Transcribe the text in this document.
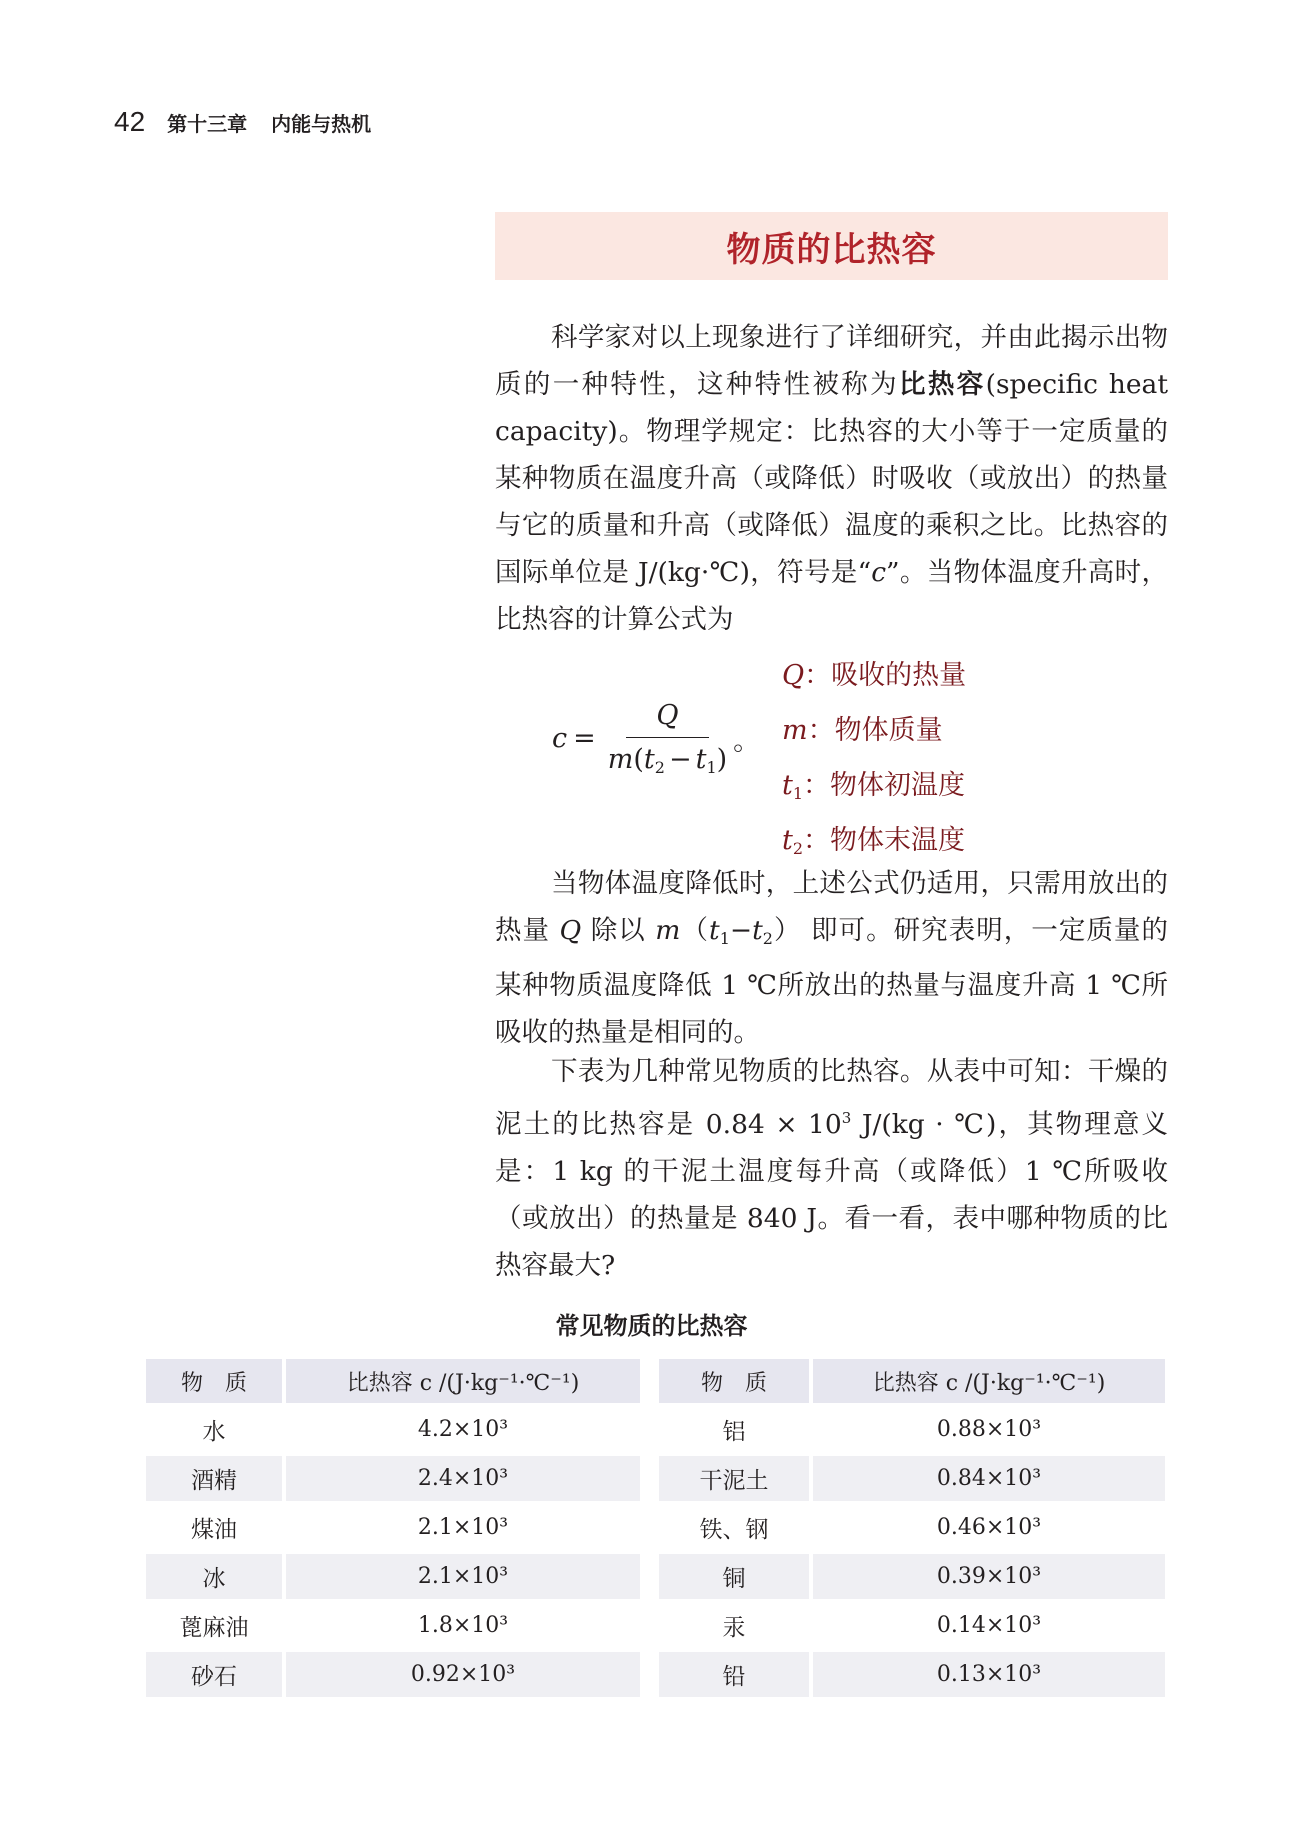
42 第十三章 内能与热机
物质的比热容
科学家对以上现象进行了详细研究，并由此揭示出物质的一种特性，这种特性被称为比热容(specific heat capacity)。物理学规定：比热容的大小等于一定质量的某种物质在温度升高（或降低）时吸收（或放出）的热量与它的质量和升高（或降低）温度的乘积之比。比热容的国际单位是 J/(kg·℃)，符号是“c”。当物体温度升高时，比热容的计算公式为
$c = \frac{Q}{m(t_2 - t_1)}$ 。
Q：吸收的热量
m：物体质量
$t_1$：物体初温度
$t_2$：物体末温度
当物体温度降低时，上述公式仍适用，只需用放出的热量 Q 除以 $m(t_1-t_2)$ 即可。研究表明，一定质量的某种物质温度降低 1 ℃所放出的热量与温度升高 1 ℃所吸收的热量是相同的。
下表为几种常见物质的比热容。从表中可知：干燥的泥土的比热容是 $0.84 \times 10^3$ J/(kg · ℃)，其物理意义是：1 kg 的干泥土温度每升高（或降低）1 ℃所吸收（或放出）的热量是 840 J。看一看，表中哪种物质的比热容最大?
常见物质的比热容
物　质	比热容 c /(J·kg⁻¹·℃⁻¹)
水	4.2×10³
酒精	2.4×10³
煤油	2.1×10³
冰	2.1×10³
蓖麻油	1.8×10³
砂石	0.92×10³
物　质	比热容 c /(J·kg⁻¹·℃⁻¹)
铝	0.88×10³
干泥土	0.84×10³
铁、钢	0.46×10³
铜	0.39×10³
汞	0.14×10³
铅	0.13×10³
